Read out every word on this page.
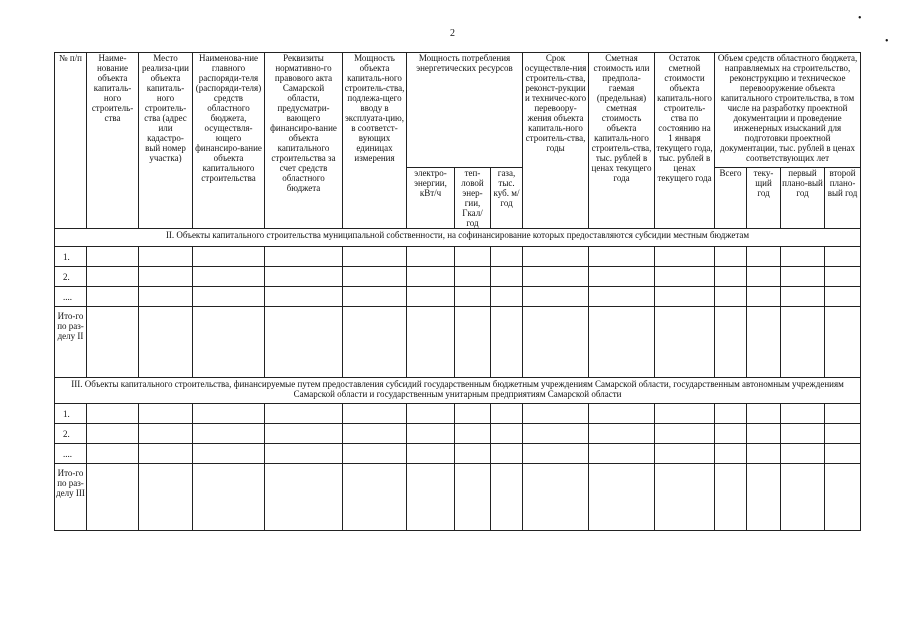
2
•
•
№ п/п	Наиме-нование объекта капиталь-ного строитель-ства	Место реализа-ции объекта капиталь-ного строитель-ства (адрес или кадастро-вый номер участка)	Наименова-ние главного распоряди-теля (распоряди-теля) средств областного бюджета, осуществля-ющего финансиро-вание объекта капитального строительства	Реквизиты нормативно-го правового акта Самарской области, предусматри-вающего финансиро-вание объекта капитального строительства за счет средств областного бюджета	Мощность объекта капиталь-ного строитель-ства, подлежа-щего вводу в эксплуата-цию, в соответст-вующих единицах измерения	Мощность потребления энергетических ресурсов			Срок осуществле-ния строитель-ства, реконст-рукции и техничес-кого перевоору-жения объекта капиталь-ного строитель-ства, годы	Сметная стоимость или предпола-гаемая (предельная) сметная стоимость объекта капиталь-ного строитель-ства, тыс. рублей в ценах текущего года	Остаток сметной стоимости объекта капиталь-ного строитель-ства по состоянию на 1 января текущего года, тыс. рублей в ценах текущего года	Объем средств областного бюджета, направляемых на строительство, реконструкцию и техническое перевооружение объекта капитального строительства, в том числе на разработку проектной документации и проведение инженерных изысканий для подготовки проектной документации, тыс. рублей в ценах соответствующих лет			
						электро-энергии, кВт/ч	теп-ловой энер-гии, Гкал/ год	газа, тыс. куб. м/год				Всего	теку-щий год	первый плано-вый год	второй плано-вый год
II. Объекты капитального строительства муниципальной собственности, на софинансирование которых предоставляются субсидии местным бюджетам															
1.															
2.															
....															
Ито-го по раз-делу II															
III. Объекты капитального строительства, финансируемые путем предоставления субсидий государственным бюджетным учреждениям Самарской области, государственным автономным учреждениям Самарской области и государственным унитарным предприятиям Самарской области															
1.															
2.															
....															
Ито-го по раз-делу III															
